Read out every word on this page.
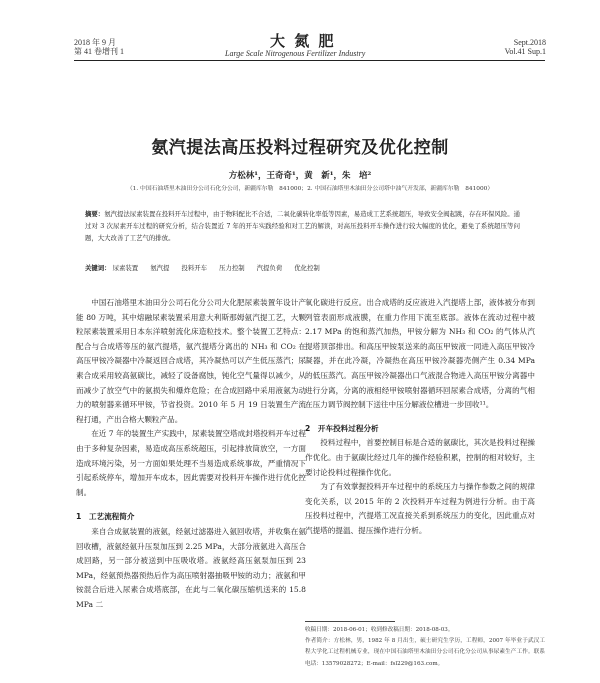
2018 年 9 月
第 41 卷增刊 1
大 氮 肥
Large Scale Nitrogenous Fertilizer Industry
Sept.2018
Vol.41 Sup.1
氨汽提法高压投料过程研究及优化控制
方松林¹，王奇奇¹，黄　新¹，朱　培²
（1. 中国石油塔里木油田分公司石化分公司，新疆库尔勒　841000；2. 中国石油塔里木油田分公司塔中油气开发部，新疆库尔勒　841000）
摘要：氨汽提法尿素装置在投料开车过程中，由于物料配比不合适，二氧化碳转化率低等因素，易造成工艺系统超压，导致安全阀起跳，存在环保风险。通过对 3 次尿素开车过程的研究分析，结合装置近 7 年的开车实践经验和对工艺的解读，对高压投料开车操作进行较大幅度的优化，避免了系统超压等问题，大大改善了工艺气的排放。
关键词： 尿素装置 氨汽提 投料开车 压力控制 汽提负荷 优化控制

中国石油塔里木油田分公司石化分公司大化肥尿素装置年设计产能 80 万吨，其中熔融尿素装置采用意大利斯那姆氨汽提工艺，大颗粒尿素装置采用日本东洋喷射流化床造粒技术。整个装置工艺特点：配合与合成塔等压的氨汽提塔，氨汽提塔分离出的 NH₃ 和 CO₂ 在高压甲铵冷凝器中冷凝返回合成塔，其冷凝热可以产生低压蒸汽；尿素合成采用较高氨碳比，减轻了设备腐蚀，钝化空气量得以减少，从而减少了放空气中的氨损失和爆炸危险；在合成回路中采用液氨为动力的喷射器来循环甲铵，节省投资。2010 年 5 月 19 日装置生产流程打通，产出合格大颗粒产品。

在近 7 年的装置生产实践中，尿素装置空塔成封塔投料开车过程由于多种复杂因素，易造成高压系统超压，引起排放筒放空，一方面造成环境污染，另一方面如果处理不当易造成系统事故，严重情况下引起系统停车，增加开车成本，因此需要对投料开车操作进行优化控制。

1　工艺流程简介

来自合成氨装置的液氨，经氨过滤器进入氨回收塔，并收集在氨回收槽，液氨经氨升压泵加压到 2.25 MPa，大部分液氨进入高压合成回路，另一部分被送到中压吸收塔。液氨经高压氨泵加压到 23 MPa，经氨预热器预热后作为高压喷射器抽吸甲铵的动力；液氨和甲铵混合后进入尿素合成塔底部，在此与二氧化碳压缩机送来的 15.8 MPa 二

氧化碳进行反应。出合成塔的反应液进入汽提塔上部，液体被分布到列管表面形成液膜，在重力作用下流至底部。液体在流动过程中被 2.17 MPa 的饱和蒸汽加热，甲铵分解为 NH₃ 和 CO₂ 的气体从汽提塔顶部排出。和高压甲铵泵送来的高压甲铵液一同进入高压甲铵冷凝器，并在此冷凝，冷凝热在高压甲铵冷凝器壳侧产生 0.34 MPa 的低压蒸汽。高压甲铵冷凝器出口气液混合物进入高压甲铵分离器中进行分离，分离的液相经甲铵喷射器循环回尿素合成塔，分离的气相在压力调节阀控制下送往中压分解液位槽进一步回收¹¹。

2　开车投料过程分析

投料过程中，首要控制目标是合适的氨碳比，其次是投料过程操作优化。由于氨碳比经过几年的操作经验积累，控制的相对较好，主要讨论投料过程操作优化。

为了有效掌握投料开车过程中的系统压力与操作参数之间的规律变化关系，以 2015 年的 2 次投料开车过程为例进行分析。由于高压投料过程中，汽提塔工况直接关系到系统压力的变化，因此重点对汽提塔的提温、提压操作进行分析。

收稿日期：2018-06-01；收到修改稿日期：2018-08-03。
作者简介：方松林，男，1982 年 8 月出生，硕士研究生学历，工程师，2007 年毕业于武汉工程大学化工过程机械专业，现在中国石油塔里木油田分公司石化分公司从事尿素生产工作。联系电话：13579028272；E-mail：fsl229@163.com。
